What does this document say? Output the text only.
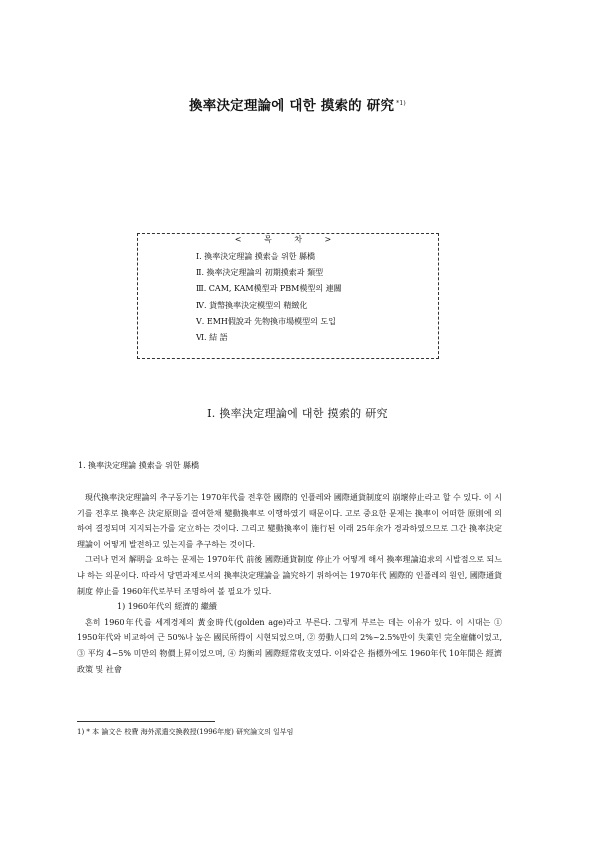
換率決定理論에 대한 摸索的 研究 $^{*1)}$
< 목 차 >
Ⅰ. 換率決定理論 摸索을 위한 縣橋
Ⅱ. 換率決定理論의 初期摸索과 類型
Ⅲ. CAM, KAM模型과 PBM模型의 連關
Ⅳ. 貨幣換率決定模型의 精緻化
Ⅴ. EMH假說과 先物換市場模型의 도입
Ⅵ. 結 語
Ⅰ. 換率決定理論에 대한 摸索的 研究
1. 換率決定理論 摸索을 위한 縣橋

現代換率決定理論의 추구동기는 1970年代를 전후한 國際的 인플레와 國際通貨制度의 崩壞停止라고 할 수 있다. 이 시기를 전후로 換率은 決定原則을 결여한채 變動換率로 이행하였기 때문이다. 고로 중요한 문제는 換率이 어떠한 原則에 의하여 결정되며 지지되는가를 定立하는 것이다. 그리고 變動換率이 施行된 이래 25年余가 경과하였으므로 그간 換率決定理論이 어떻게 발전하고 있는지를 추구하는 것이다.

그러나 먼저 解明을 요하는 문제는 1970年代 前後 國際通貨制度 停止가 어떻게 해서 換率理論追求의 시발점으로 되느냐 하는 의문이다. 따라서 당면과제로서의 換率決定理論을 論究하기 위하여는 1970年代 國際的 인플레의 원인, 國際通貨制度 停止를 1960年代로부터 조명하여 볼 필요가 있다.

1) 1960年代의 經濟的 繼續

흔히 1960年代를 세계경제의 黃金時代(golden age)라고 부른다. 그렇게 부르는 데는 이유가 있다. 이 시대는 ① 1950年代와 비교하여 근 50%나 높은 國民所得이 시현되었으며, ② 勞動人口의 2%~2.5%만이 失業인 完全雇傭이었고, ③ 平均 4~5% 미만의 物價上昇이었으며, ④ 均衡의 國際經常收支였다. 이와같은 指標外에도 1960年代 10年間은 經濟政策 및 社會

1) * 本 論文은 校費 海外派遣交換敎授(1996年度) 研究論文의 일부임
